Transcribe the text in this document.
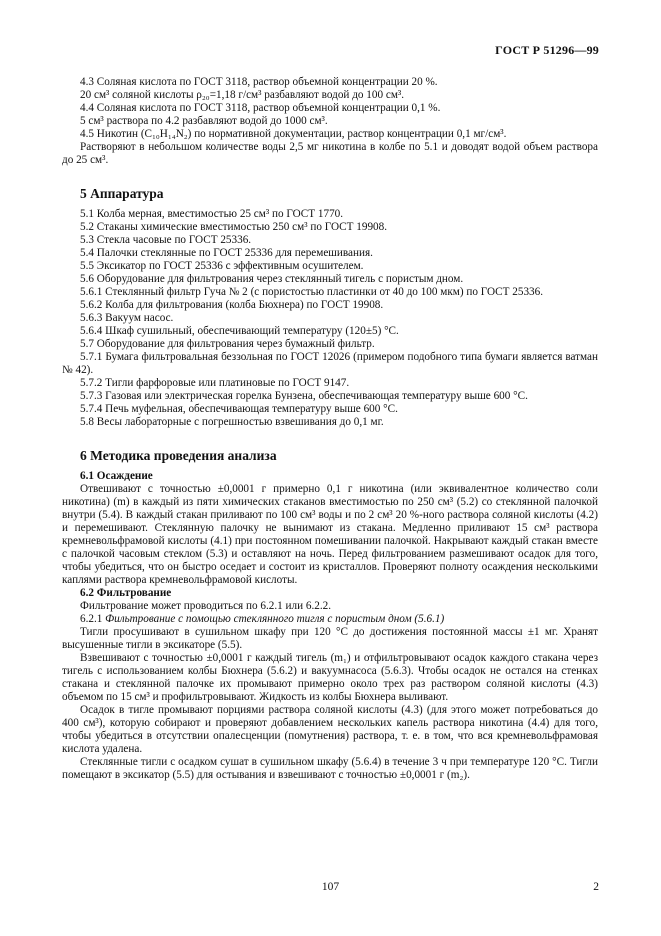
ГОСТ Р 51296—99

4.3 Соляная кислота по ГОСТ 3118, раствор объемной концентрации 20 %.

20 см³ соляной кислоты ρ₂₀=1,18 г/см³ разбавляют водой до 100 см³.

4.4 Соляная кислота по ГОСТ 3118, раствор объемной концентрации 0,1 %.

5 см³ раствора по 4.2 разбавляют водой до 1000 см³.

4.5 Никотин (C₁₀H₁₄N₂) по нормативной документации, раствор концентрации 0,1 мг/см³.

Растворяют в небольшом количестве воды 2,5 мг никотина в колбе по 5.1 и доводят водой объем раствора до 25 см³.

5 Аппаратура

5.1 Колба мерная, вместимостью 25 см³ по ГОСТ 1770.

5.2 Стаканы химические вместимостью 250 см³ по ГОСТ 19908.

5.3 Стекла часовые по ГОСТ 25336.

5.4 Палочки стеклянные по ГОСТ 25336 для перемешивания.

5.5 Эксикатор по ГОСТ 25336 с эффективным осушителем.

5.6 Оборудование для фильтрования через стеклянный тигель с пористым дном.

5.6.1 Стеклянный фильтр Гуча № 2 (с пористостью пластинки от 40 до 100 мкм) по ГОСТ 25336.

5.6.2 Колба для фильтрования (колба Бюхнера) по ГОСТ 19908.

5.6.3 Вакуум насос.

5.6.4 Шкаф сушильный, обеспечивающий температуру (120±5) °С.

5.7 Оборудование для фильтрования через бумажный фильтр.

5.7.1 Бумага фильтровальная беззольная по ГОСТ 12026 (примером подобного типа бумаги является ватман № 42).

5.7.2 Тигли фарфоровые или платиновые по ГОСТ 9147.

5.7.3 Газовая или электрическая горелка Бунзена, обеспечивающая температуру выше 600 °С.

5.7.4 Печь муфельная, обеспечивающая температуру выше 600 °С.

5.8 Весы лабораторные с погрешностью взвешивания до 0,1 мг.

6 Методика проведения анализа
6.1 Осаждение

Отвешивают с точностью ±0,0001 г примерно 0,1 г никотина (или эквивалентное количество соли никотина) (m) в каждый из пяти химических стаканов вместимостью по 250 см³ (5.2) со стеклянной палочкой внутри (5.4). В каждый стакан приливают по 100 см³ воды и по 2 см³ 20 %-ного раствора соляной кислоты (4.2) и перемешивают. Стеклянную палочку не вынимают из стакана. Медленно приливают 15 см³ раствора кремневольфрамовой кислоты (4.1) при постоянном помешивании палочкой. Накрывают каждый стакан вместе с палочкой часовым стеклом (5.3) и оставляют на ночь. Перед фильтрованием размешивают осадок для того, чтобы убедиться, что он быстро оседает и состоит из кристаллов. Проверяют полноту осаждения несколькими каплями раствора кремневольфрамовой кислоты.

6.2 Фильтрование

Фильтрование может проводиться по 6.2.1 или 6.2.2.

6.2.1 Фильтрование с помощью стеклянного тигля с пористым дном (5.6.1)

Тигли просушивают в сушильном шкафу при 120 °С до достижения постоянной массы ±1 мг. Хранят высушенные тигли в эксикаторе (5.5).

Взвешивают с точностью ±0,0001 г каждый тигель (m₁) и отфильтровывают осадок каждого стакана через тигель с использованием колбы Бюхнера (5.6.2) и вакуумнасоса (5.6.3). Чтобы осадок не остался на стенках стакана и стеклянной палочке их промывают примерно около трех раз раствором соляной кислоты (4.3) объемом по 15 см³ и профильтровывают. Жидкость из колбы Бюхнера выливают.

Осадок в тигле промывают порциями раствора соляной кислоты (4.3) (для этого может потребоваться до 400 см³), которую собирают и проверяют добавлением нескольких капель раствора никотина (4.4) для того, чтобы убедиться в отсутствии опалесценции (помутнения) раствора, т. е. в том, что вся кремневольфрамовая кислота удалена.

Стеклянные тигли с осадком сушат в сушильном шкафу (5.6.4) в течение 3 ч при температуре 120 °С. Тигли помещают в эксикатор (5.5) для остывания и взвешивают с точностью ±0,0001 г (m₂).

107	2
